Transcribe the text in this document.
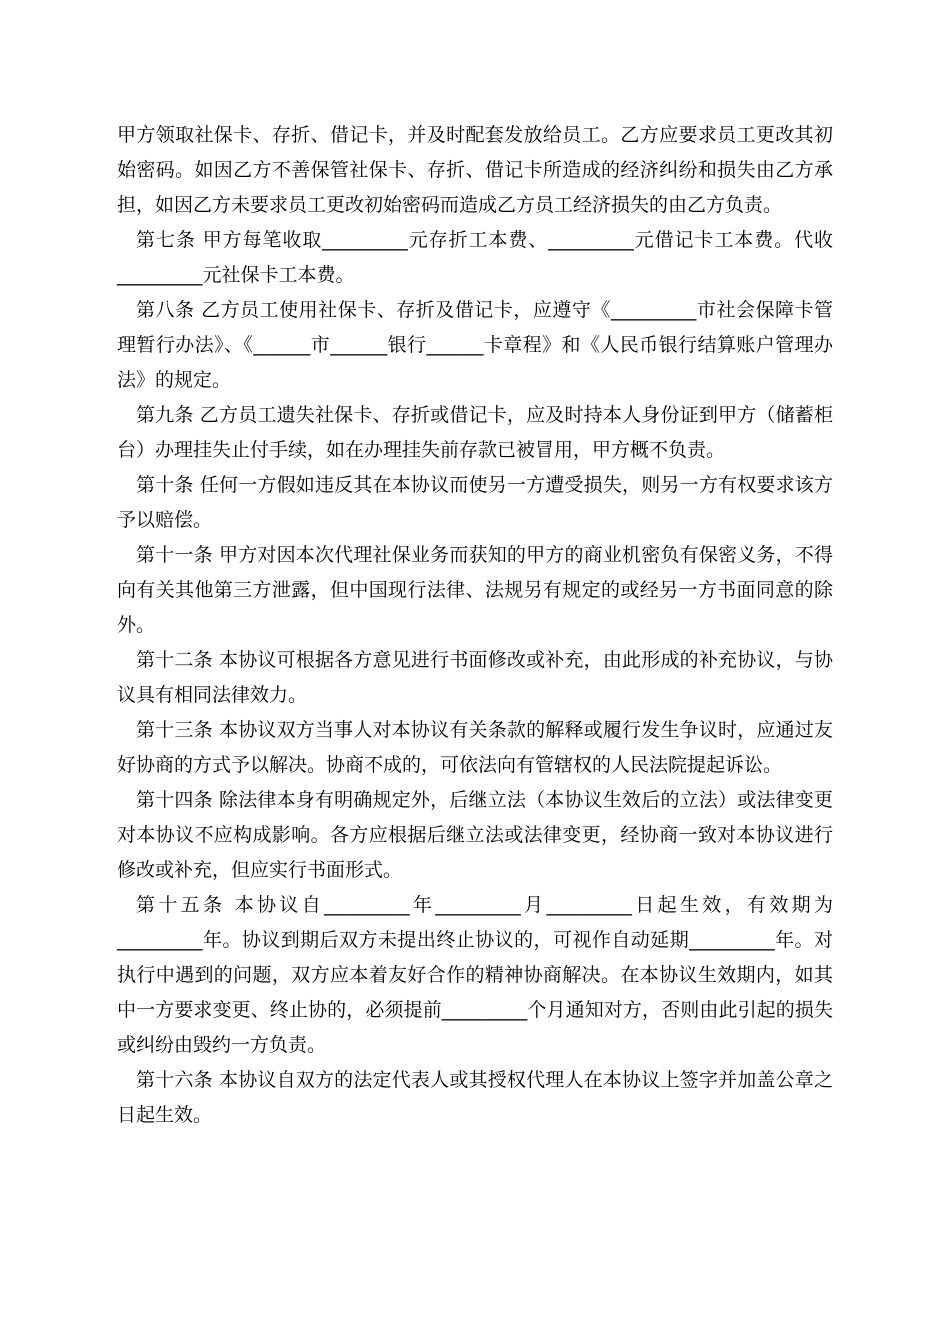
甲方领取社保卡、存折、借记卡，并及时配套发放给员工。乙方应要求员工更改其初始密码。如因乙方不善保管社保卡、存折、借记卡所造成的经济纠纷和损失由乙方承担，如因乙方未要求员工更改初始密码而造成乙方员工经济损失的由乙方负责。

第七条 甲方每笔收取_________元存折工本费、_________元借记卡工本费。代收_________元社保卡工本费。

第八条 乙方员工使用社保卡、存折及借记卡，应遵守《_________市社会保障卡管理暂行办法》、《______市______银行______卡章程》和《人民币银行结算账户管理办法》的规定。

第九条 乙方员工遗失社保卡、存折或借记卡，应及时持本人身份证到甲方（储蓄柜台）办理挂失止付手续，如在办理挂失前存款已被冒用，甲方概不负责。

第十条 任何一方假如违反其在本协议而使另一方遭受损失，则另一方有权要求该方予以赔偿。

第十一条 甲方对因本次代理社保业务而获知的甲方的商业机密负有保密义务，不得向有关其他第三方泄露，但中国现行法律、法规另有规定的或经另一方书面同意的除外。

第十二条 本协议可根据各方意见进行书面修改或补充，由此形成的补充协议，与协议具有相同法律效力。

第十三条 本协议双方当事人对本协议有关条款的解释或履行发生争议时，应通过友好协商的方式予以解决。协商不成的，可依法向有管辖权的人民法院提起诉讼。

第十四条 除法律本身有明确规定外，后继立法（本协议生效后的立法）或法律变更对本协议不应构成影响。各方应根据后继立法或法律变更，经协商一致对本协议进行修改或补充，但应实行书面形式。

第十五条 本协议自_________年_________月_________日起生效，有效期为_________年。协议到期后双方未提出终止协议的，可视作自动延期_________年。对执行中遇到的问题，双方应本着友好合作的精神协商解决。在本协议生效期内，如其中一方要求变更、终止协的，必须提前_________个月通知对方，否则由此引起的损失或纠纷由毁约一方负责。

第十六条 本协议自双方的法定代表人或其授权代理人在本协议上签字并加盖公章之日起生效。
